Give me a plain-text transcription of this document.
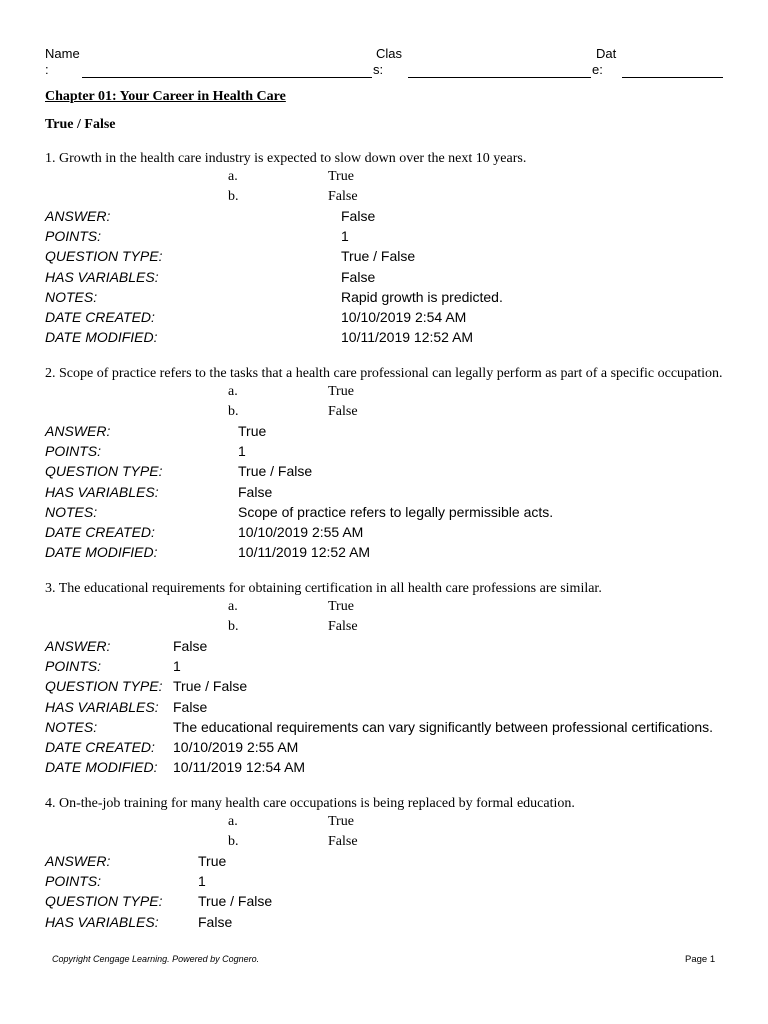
Name
:
Clas
s:
Dat
e:
Chapter 01: Your Career in Health Care
True / False
1. Growth in the health care industry is expected to slow down over the next 10 years.
a.	True
b.	False
ANSWER:	False
POINTS:	1
QUESTION TYPE:	True / False
HAS VARIABLES:	False
NOTES:	Rapid growth is predicted.
DATE CREATED:	10/10/2019 2:54 AM
DATE MODIFIED:	10/11/2019 12:52 AM
2. Scope of practice refers to the tasks that a health care professional can legally perform as part of a specific occupation.
a.	True
b.	False
ANSWER:	True
POINTS:	1
QUESTION TYPE:	True / False
HAS VARIABLES:	False
NOTES:	Scope of practice refers to legally permissible acts.
DATE CREATED:	10/10/2019 2:55 AM
DATE MODIFIED:	10/11/2019 12:52 AM
3. The educational requirements for obtaining certification in all health care professions are similar.
a.	True
b.	False
ANSWER:	False
POINTS:	1
QUESTION TYPE: True / False
HAS VARIABLES: False
NOTES:	The educational requirements can vary significantly between professional certifications.
DATE CREATED: 10/10/2019 2:55 AM
DATE MODIFIED: 10/11/2019 12:54 AM
4. On-the-job training for many health care occupations is being replaced by formal education.
a.	True
b.	False
ANSWER:	True
POINTS:	1
QUESTION TYPE:	True / False
HAS VARIABLES:	False
Copyright Cengage Learning. Powered by Cognero.	Page 1
